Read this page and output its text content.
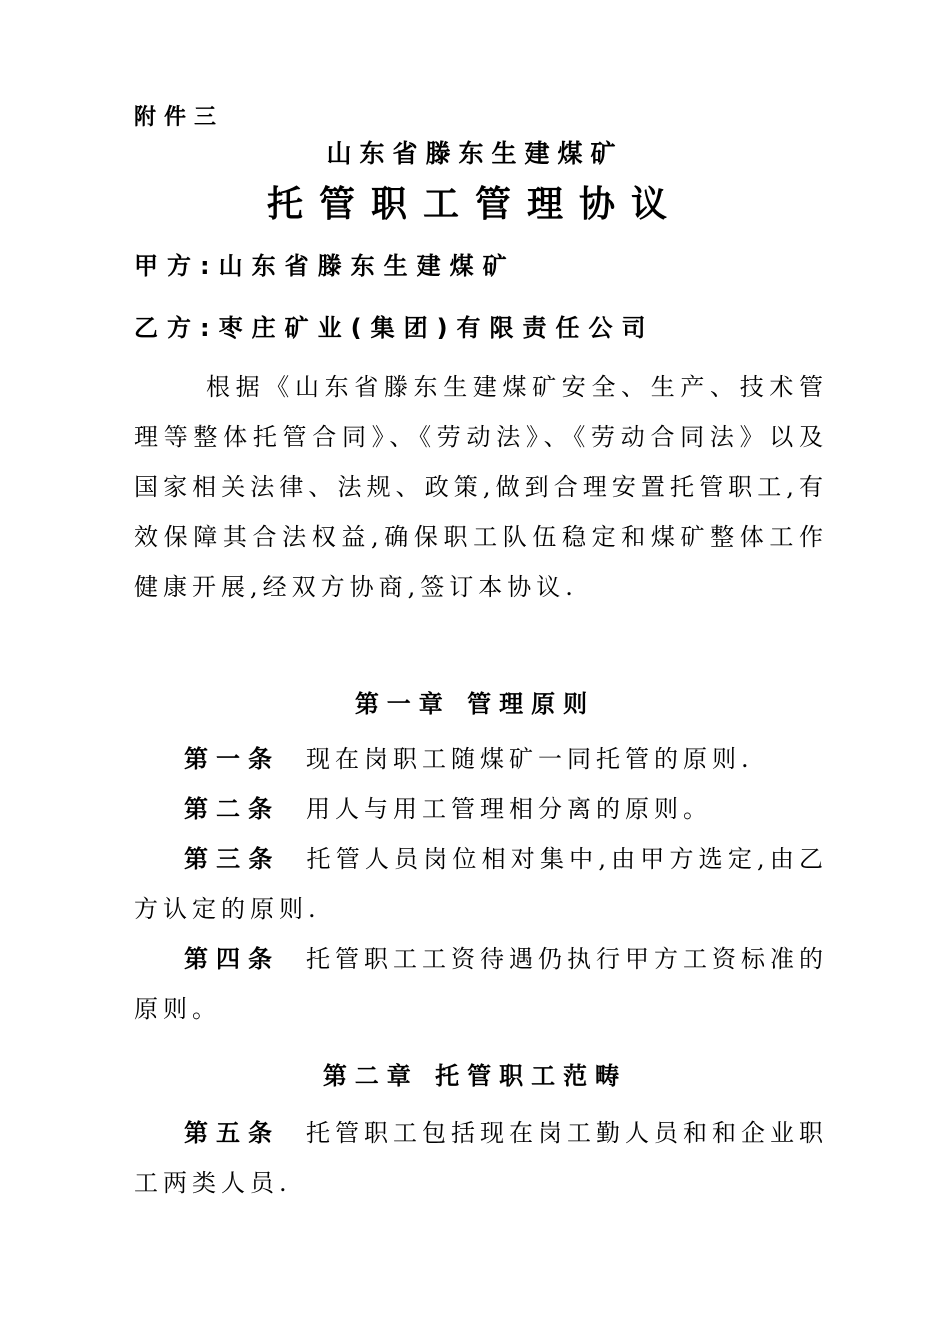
附件三
山东省滕东生建煤矿
托管职工管理协议
甲方:山东省滕东生建煤矿
乙方:枣庄矿业(集团)有限责任公司
根据《山东省滕东生建煤矿安全、生产、技术管理等整体托管合同》、《劳动法》、《劳动合同法》以及国家相关法律、法规、政策,做到合理安置托管职工,有效保障其合法权益,确保职工队伍稳定和煤矿整体工作健康开展,经双方协商,签订本协议.
第一章 管理原则
第一条 现在岗职工随煤矿一同托管的原则.
第二条 用人与用工管理相分离的原则。
第三条 托管人员岗位相对集中,由甲方选定,由乙方认定的原则.
第四条 托管职工工资待遇仍执行甲方工资标准的原则。
第二章 托管职工范畴
第五条 托管职工包括现在岗工勤人员和和企业职工两类人员.
